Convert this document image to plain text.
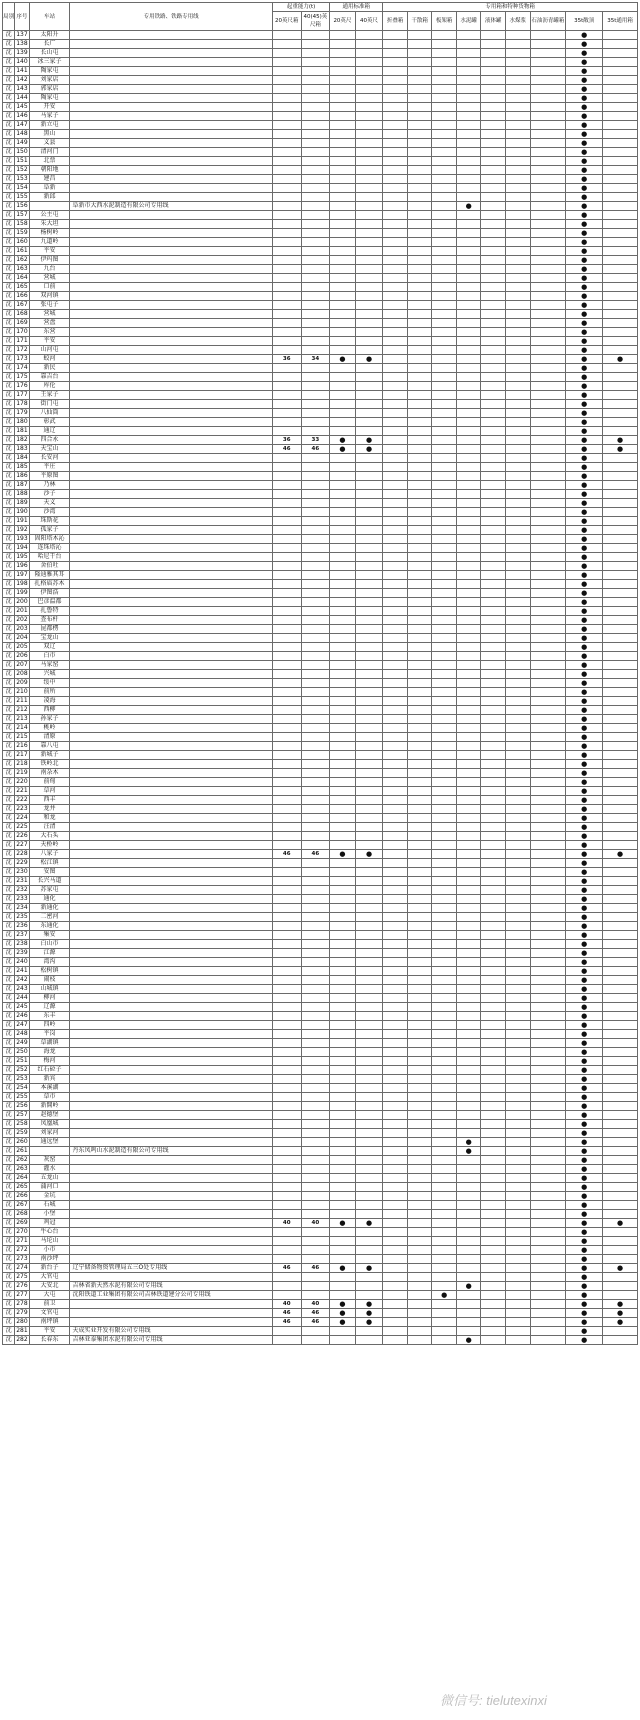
局别	序号	车站	专用铁路、铁路专用线	起重能力(t)		通用标准箱		专用箱和特种货物箱								
				20英尺箱	40(45)英尺箱	20英尺	40英尺	折叠箱	干散箱	板架箱	水泥罐	液体罐	水煤浆	石油沥青罐箱	35t敞顶	35t通用箱

沈	137	太阳升													●	
沈	138	长广													●	
沈	139	长山屯													●	
沈	140	冰三家子													●	
沈	141	陶家屯													●	
沈	142	刘家店													●	
沈	143	郭家店													●	
沈	144	陶家屯													●	
沈	145	开安													●	
沈	146	马家子													●	
沈	147	新立屯													●	
沈	148	黑山													●	
沈	149	义县													●	
沈	150	清河门													●	
沈	151	北票													●	
沈	152	朝阳地													●	
沈	153	建昌													●	
沈	154	阜新													●	
沈	155	新邱													●	
沈	156		阜新市大西水泥制造有限公司专用线								●				●	
沈	157	公主屯													●	
沈	158	朱大坦													●	
沈	159	杨树岭													●	
沈	160	九道岭													●	
沈	161	平安													●	
沈	162	伊玛图													●	
沈	163	九台													●	
沈	164	营城													●	
沈	165	口前													●	
沈	166	双河镇													●	
沈	167	张屯子													●	
沈	168	营城													●	
沈	169	营盘													●	
沈	170	东营													●	
沈	171	平安													●	
沈	172	山河屯													●	
沈	173	蛟河		36	34	●	●								●	●
沈	174	新民													●	
沈	175	靠吉台													●	
沈	176	库伦													●	
沈	177	王家子													●	
沈	178	街门屯													●	
沈	179	八仙筒													●	
沈	180	彰武													●	
沈	181	通辽													●	
沈	182	四合永		36	33	●	●								●	●
沈	183	天宝山		46	46	●	●								●	●
沈	184	长安河													●	
沈	185	平庄													●	
沈	186	平原图													●	
沈	187	乃林													●	
沈	188	沙子													●	
沈	189	天义													●	
沈	190	沙湾													●	
沈	191	珠斯花													●	
沈	192	孤家子													●	
沈	193	固阳塔木沁													●	
沈	194	连珠塔沁													●	
沈	195	哈尼干台													●	
沈	196	舍伯吐													●	
沈	197	隆迪雅其耳													●	
沈	198	扎格庙苏木													●	
沈	199	伊图浩													●	
沈	200	巴彦温都													●	
沈	201	扎鲁特													●	
沈	202	查布杆													●	
沈	203	昆都楞													●	
沈	204	宝龙山													●	
沈	205	双辽													●	
沈	206	白市													●	
沈	207	马家窑													●	
沈	208	兴城													●	
沈	209	绥中													●	
沈	210	前所													●	
沈	211	凌海													●	
沈	212	西柳													●	
沈	213	孙家子													●	
沈	214	桃岭													●	
沈	215	清原													●	
沈	216	靠八屯													●	
沈	217	新城子													●	
沈	218	铁岭北													●	
沈	219	南杂木													●	
沈	220	前甸													●	
沈	221	草河													●	
沈	222	西丰													●	
沈	223	龙井													●	
沈	224	和龙													●	
沈	225	汪清													●	
沈	226	大石头													●	
沈	227	天桥岭													●	
沈	228	八家子		46	46	●	●								●	●
沈	229	松江镇													●	
沈	230	安图													●	
沈	231	长兴马道													●	
沈	232	苏家屯													●	
沈	233	通化													●	
沈	234	新通化													●	
沈	235	二密河													●	
沈	236	东通化													●	
沈	237	集安													●	
沈	238	白山市													●	
沈	239	江源													●	
沈	240	湾沟													●	
沈	241	松树镇													●	
沈	242	闹枝													●	
沈	243	山城镇													●	
沈	244	柳河													●	
沈	245	辽源													●	
沈	246	东丰													●	
沈	247	四岭													●	
沈	248	平岗													●	
沈	249	草湖镇													●	
沈	250	海龙													●	
沈	251	梅河													●	
沈	252	红石砬子													●	
沈	253	新宾													●	
沈	254	本溪湖													●	
沈	255	草市													●	
沈	256	新開岭													●	
沈	257	赵德堡													●	
沈	258	凤凰城													●	
沈	259	刘家河													●	
沈	260	通远堡									●				●	
沈	261		丹东凤鸣山水泥制造有限公司专用线								●				●	
沈	262	灰窑													●	
沈	263	灌水													●	
沈	264	五龙山													●	
沈	265	蒲河口													●	
沈	266	金坑													●	
沈	267	石城													●	
沈	268	小堡													●	
沈	269	鸡冠		40	40	●	●								●	●
沈	270	牛心台													●	
沈	271	马坨山													●	
沈	272	小市													●	
沈	273	南沙坪													●	
沈	274	新台子	辽宁储备物资管理局五三O处专用线	46	46	●	●								●	●
沈	275	大官屯													●	
沈	276	大安北	吉林省新天然水泥有限公司专用线								●				●	
沈	277	大屯	沈阳铁道工业集团有限公司吉林铁道建分公司专用线							●					●	
沈	278	前卫		40	40	●	●								●	●
沈	279	文官屯		46	46	●	●								●	●
沈	280	南坪镇		46	46	●	●								●	●
沈	281	平安	天成实业开发有限公司专用线												●	
沈	282	长春东	吉林亚泰集团水泥有限公司专用线								●				●	
微信号: tielutexinxi
